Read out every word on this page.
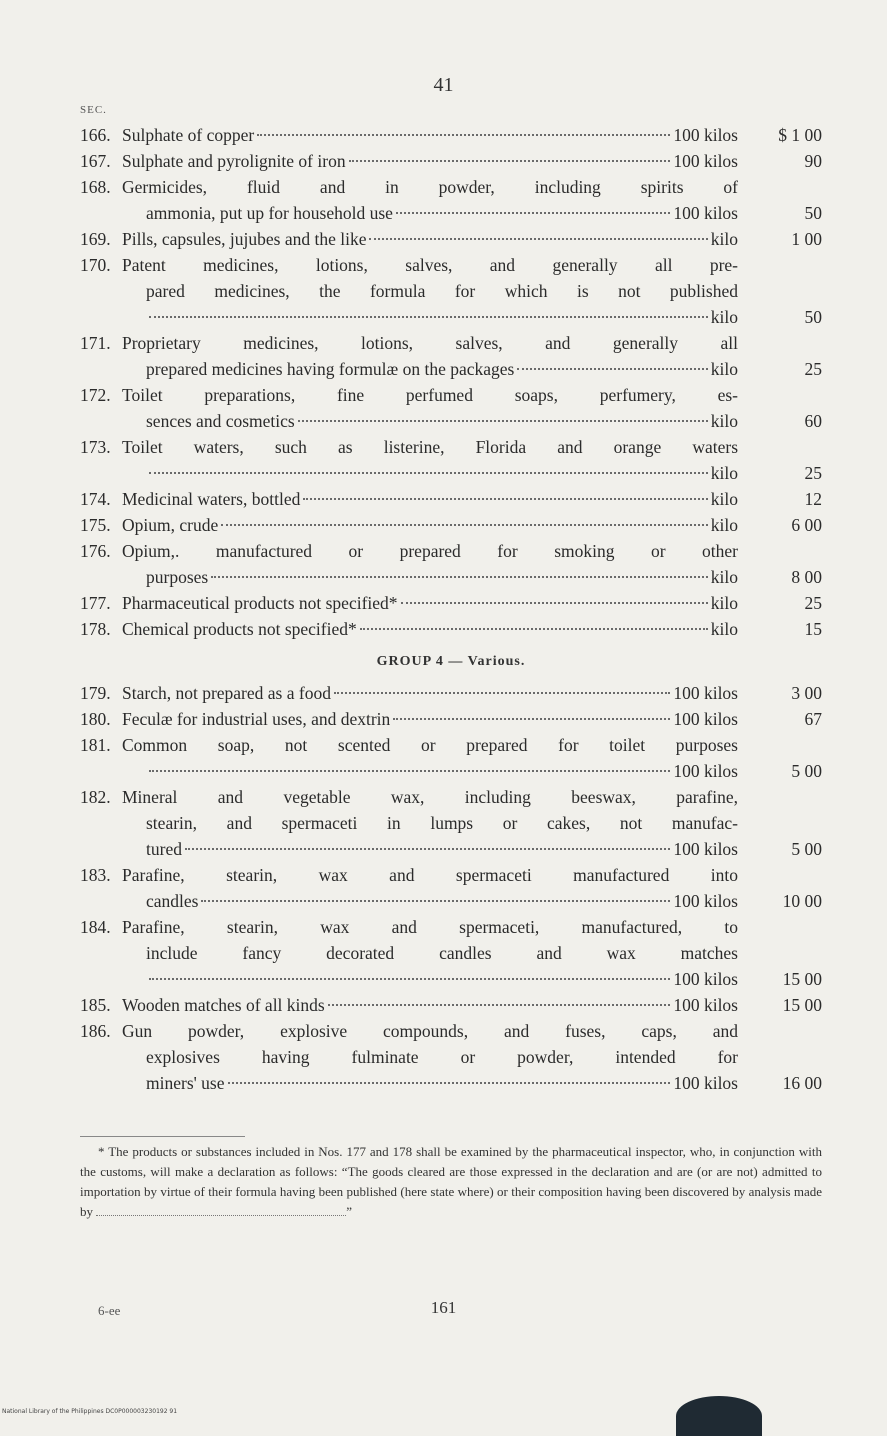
41
SEC.
166. Sulphate of copper	100 kilos	$ 1 00
167. Sulphate and pyrolignite of iron	100 kilos	90
168. Germicides, fluid and in powder, including spirits of
ammonia, put up for household use	100 kilos	50
169. Pills, capsules, jujubes and the like	kilo	1 00
170. Patent medicines, lotions, salves, and generally all pre-
pared medicines, the formula for which is not published
kilo	50
171. Proprietary medicines, lotions, salves, and generally all
prepared medicines having formulæ on the packages	kilo	25
172. Toilet preparations, fine perfumed soaps, perfumery, es-
sences and cosmetics	kilo	60
173. Toilet waters, such as listerine, Florida and orange waters
kilo	25
174. Medicinal waters, bottled	kilo	12
175. Opium, crude	kilo	6 00
176. Opium,. manufactured or prepared for smoking or other
purposes	kilo	8 00
177. Pharmaceutical products not specified*	kilo	25
178. Chemical products not specified*	kilo	15
GROUP 4 — Various.
179. Starch, not prepared as a food	100 kilos	3 00
180. Feculæ for industrial uses, and dextrin	100 kilos	67
181. Common soap, not scented or prepared for toilet purposes
100 kilos	5 00
182. Mineral and vegetable wax, including beeswax, parafine,
stearin, and spermaceti in lumps or cakes, not manufac-
tured	100 kilos	5 00
183. Parafine, stearin, wax and spermaceti manufactured into
candles	100 kilos	10 00
184. Parafine, stearin, wax and spermaceti, manufactured, to
include fancy decorated candles and wax matches
100 kilos	15 00
185. Wooden matches of all kinds	100 kilos	15 00
186. Gun powder, explosive compounds, and fuses, caps, and
explosives having fulminate or powder, intended for
miners' use	100 kilos	16 00

* The products or substances included in Nos. 177 and 178 shall be examined by the pharmaceutical inspector, who, in conjunction with the customs, will make a declaration as follows: “The goods cleared are those expressed in the declaration and are (or are not) admitted to importation by virtue of their formula having been published (here state where) or their composition having been discovered by analysis made by	”

6-ee	161
National Library of the Philippines DC0P000003230192 91
